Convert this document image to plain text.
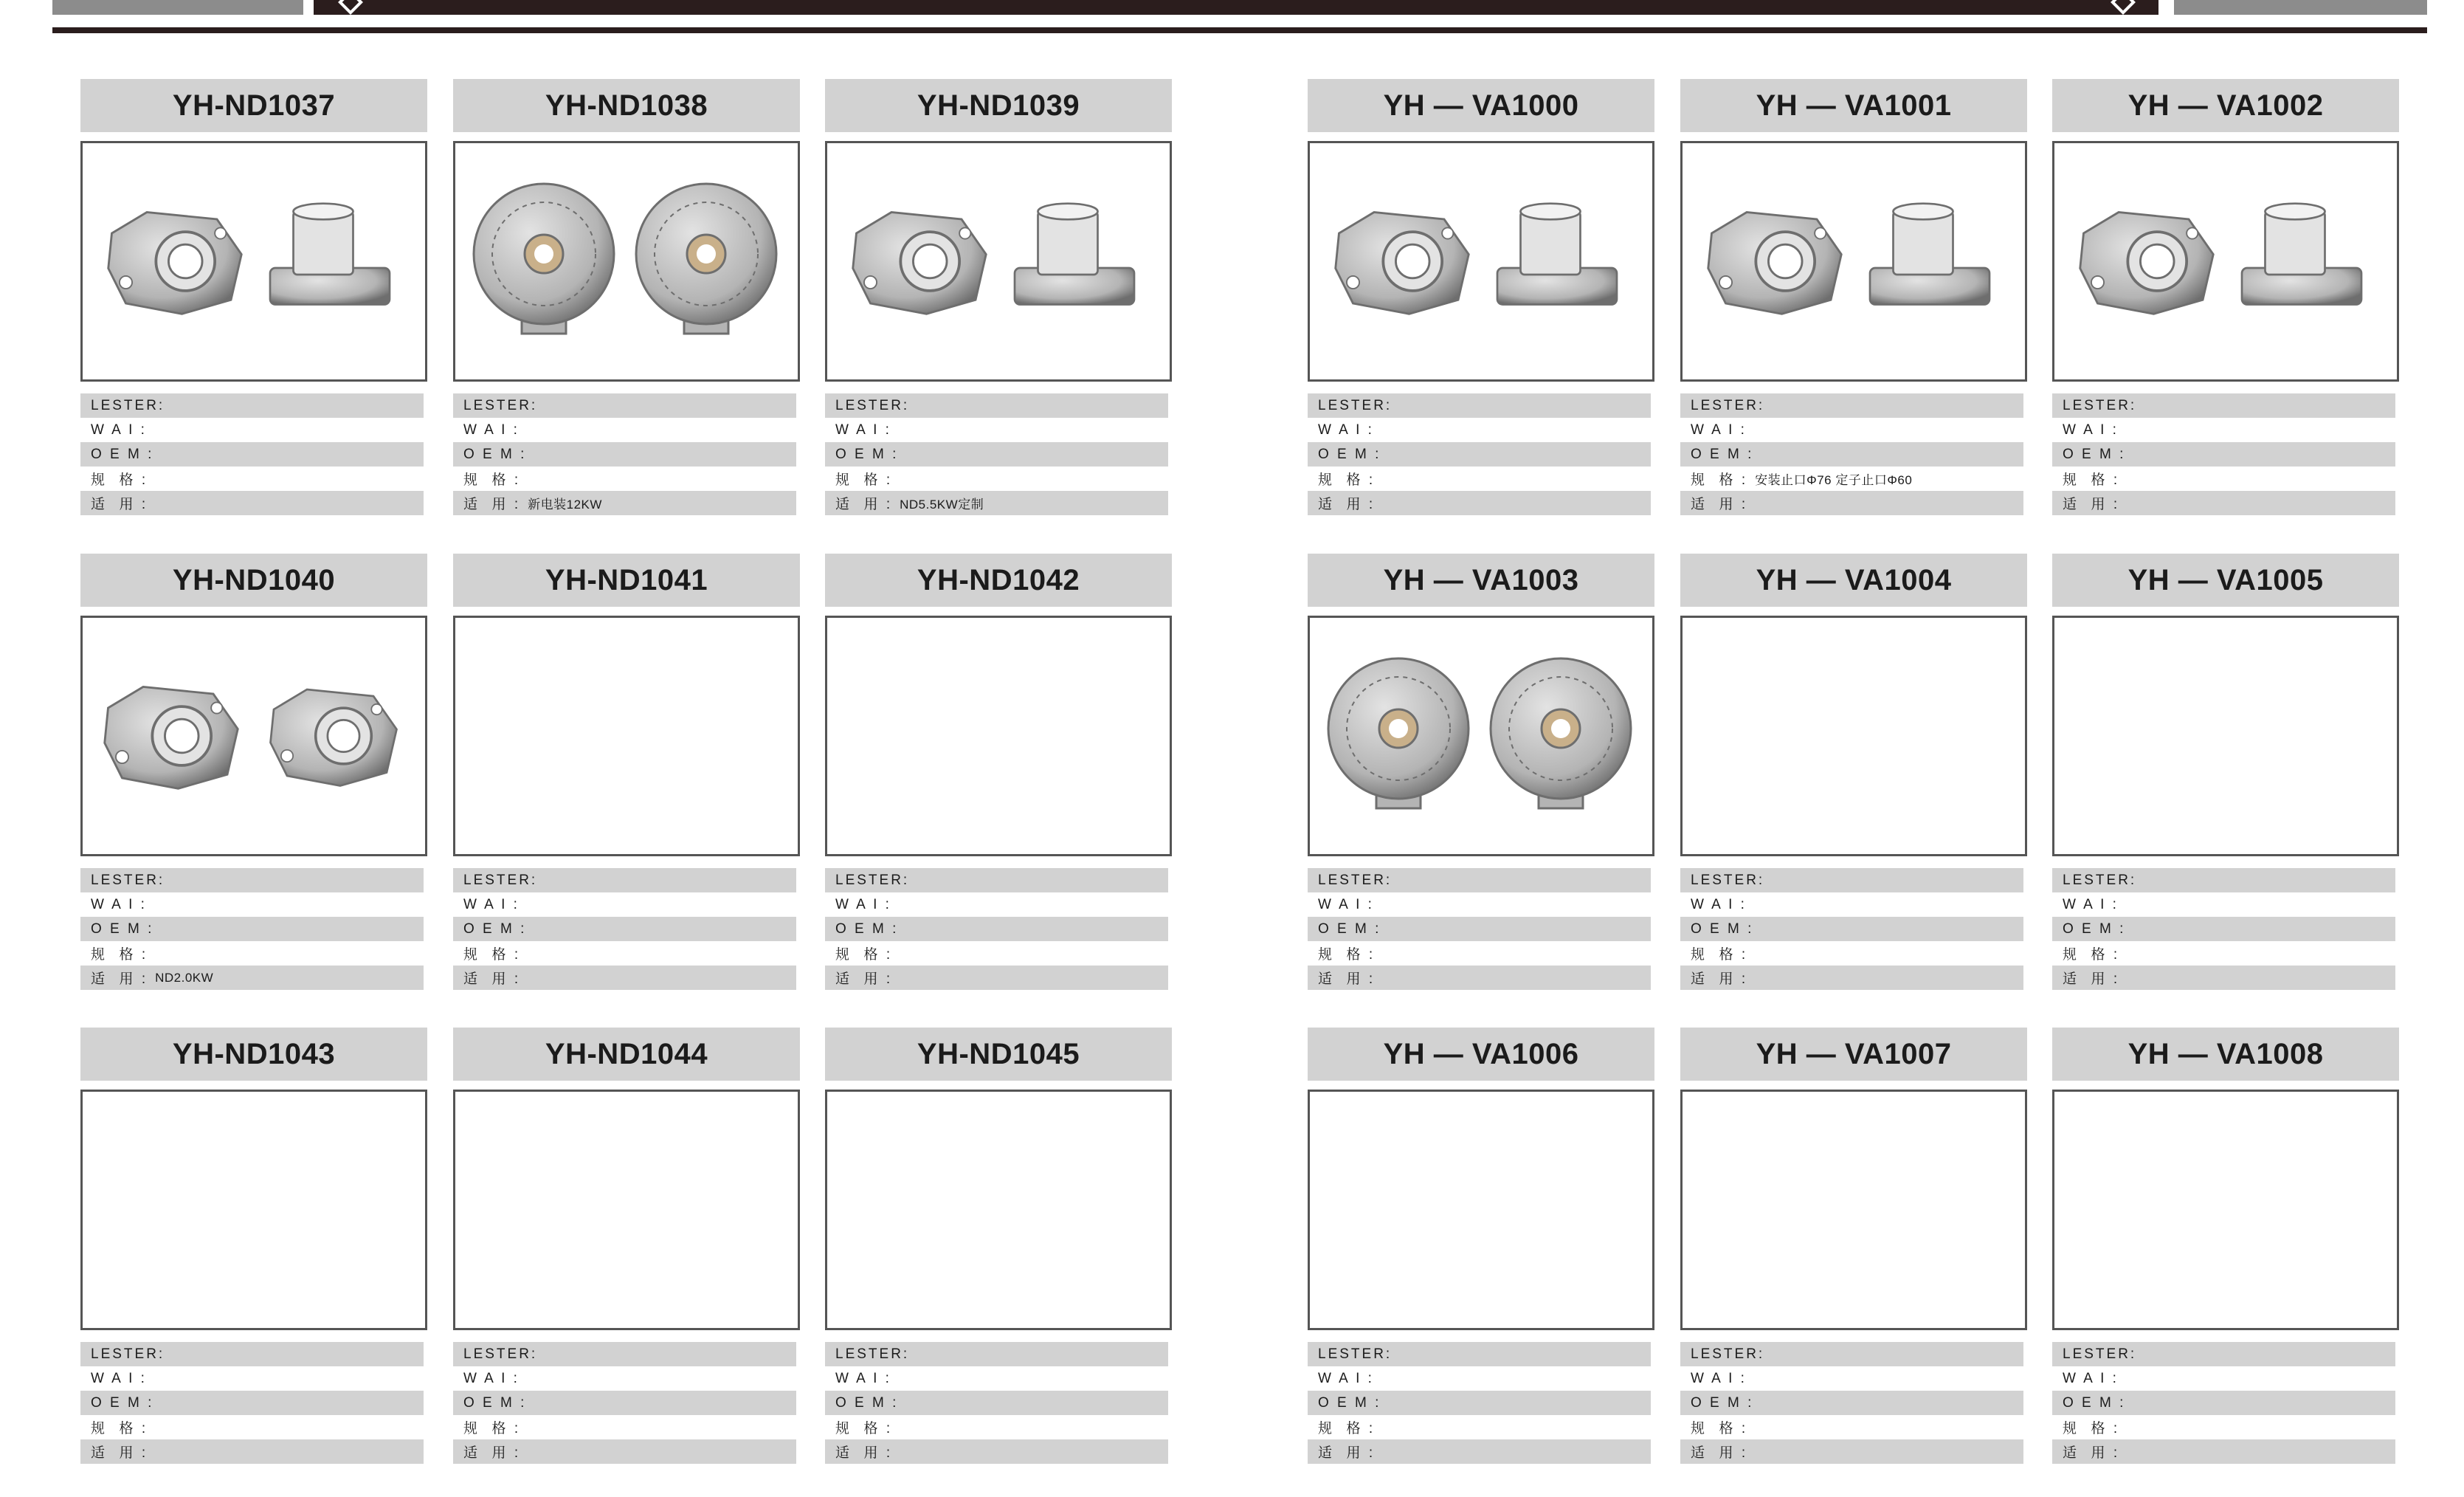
YH-ND1037
LESTER:
W A I :
O E M :
规  格 :
适  用 :
YH-ND1038
LESTER:
W A I :
O E M :
规  格 :
适  用 : 新电装12KW
YH-ND1039
LESTER:
W A I :
O E M :
规  格 :
适  用 : ND5.5KW定制
YH — VA1000
LESTER:
W A I :
O E M :
规  格 :
适  用 :
YH — VA1001
LESTER:
W A I :
O E M :
规  格 : 安装止口Φ76 定子止口Φ60
适  用 :
YH — VA1002
LESTER:
W A I :
O E M :
规  格 :
适  用 :
YH-ND1040
LESTER:
W A I :
O E M :
规  格 :
适  用 : ND2.0KW
YH-ND1041
LESTER:
W A I :
O E M :
规  格 :
适  用 :
YH-ND1042
LESTER:
W A I :
O E M :
规  格 :
适  用 :
YH — VA1003
LESTER:
W A I :
O E M :
规  格 :
适  用 :
YH — VA1004
LESTER:
W A I :
O E M :
规  格 :
适  用 :
YH — VA1005
LESTER:
W A I :
O E M :
规  格 :
适  用 :
YH-ND1043
LESTER:
W A I :
O E M :
规  格 :
适  用 :
YH-ND1044
LESTER:
W A I :
O E M :
规  格 :
适  用 :
YH-ND1045
LESTER:
W A I :
O E M :
规  格 :
适  用 :
YH — VA1006
LESTER:
W A I :
O E M :
规  格 :
适  用 :
YH — VA1007
LESTER:
W A I :
O E M :
规  格 :
适  用 :
YH — VA1008
LESTER:
W A I :
O E M :
规  格 :
适  用 :
